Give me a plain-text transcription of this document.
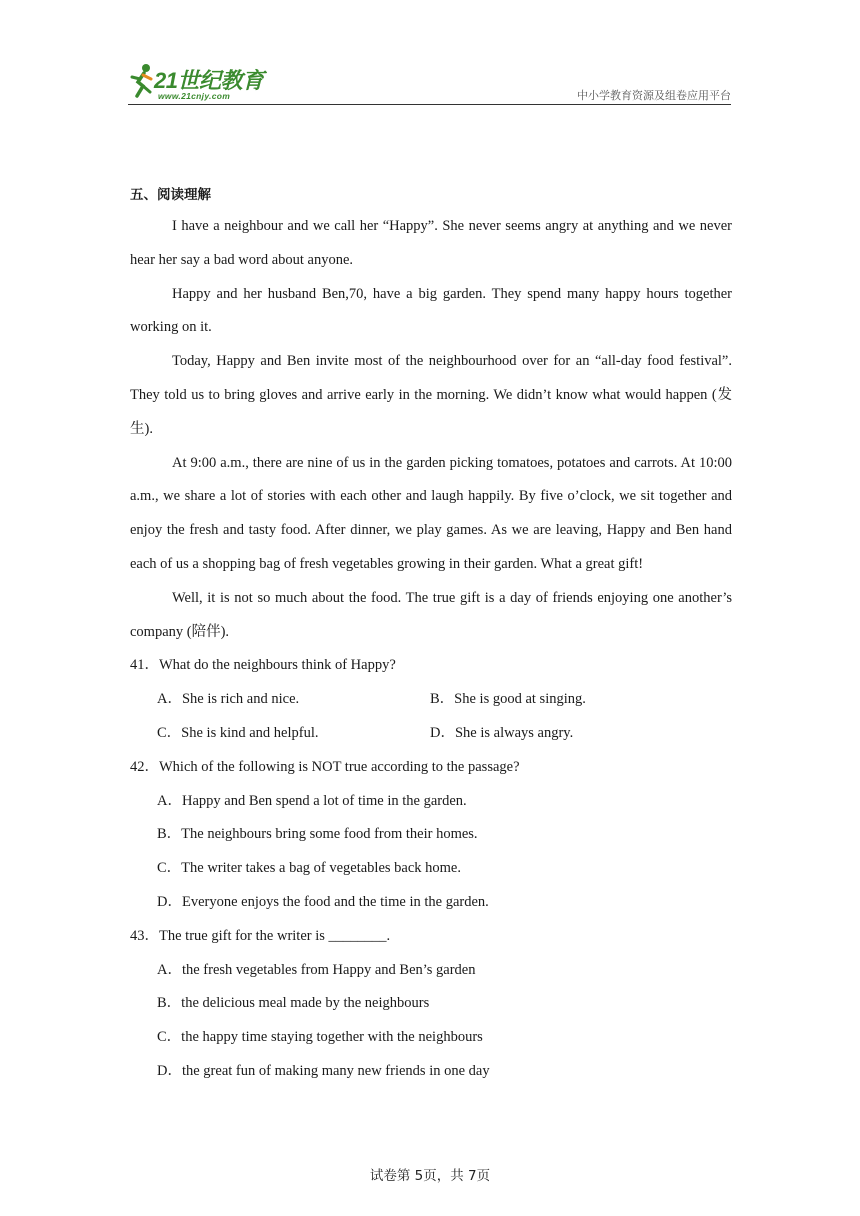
21世纪教育
www.21cnjy.com	中小学教育资源及组卷应用平台

五、阅读理解

I have a neighbour and we call her “Happy”. She never seems angry at anything and we never hear her say a bad word about anyone.

Happy and her husband Ben,70, have a big garden. They spend many happy hours together working on it.

Today, Happy and Ben invite most of the neighbourhood over for an “all-day food festival”. They told us to bring gloves and arrive early in the morning. We didn’t know what would happen (发生).

At 9:00 a.m., there are nine of us in the garden picking tomatoes, potatoes and carrots. At 10:00 a.m., we share a lot of stories with each other and laugh happily. By five o’clock, we sit together and enjoy the fresh and tasty food. After dinner, we play games. As we are leaving, Happy and Ben hand each of us a shopping bag of fresh vegetables growing in their garden. What a great gift!

Well, it is not so much about the food. The true gift is a day of friends enjoying one another’s company (陪伴).

41．What do the neighbours think of Happy?

A．She is rich and nice.	B．She is good at singing.

C．She is kind and helpful.	D．She is always angry.

42．Which of the following is NOT true according to the passage?

A．Happy and Ben spend a lot of time in the garden.

B．The neighbours bring some food from their homes.

C．The writer takes a bag of vegetables back home.

D．Everyone enjoys the food and the time in the garden.

43．The true gift for the writer is ________.

A．the fresh vegetables from Happy and Ben’s garden

B．the delicious meal made by the neighbours

C．the happy time staying together with the neighbours

D．the great fun of making many new friends in one day

试卷第 5页，共 7页
